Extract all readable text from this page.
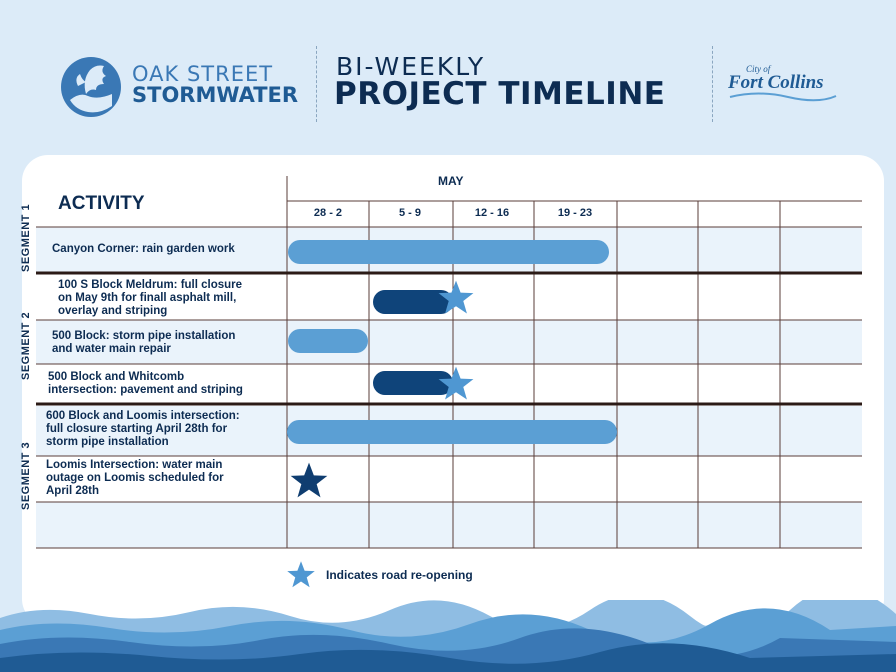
OAK STREET
STORMWATER
BI-WEEKLY
PROJECT TIMELINE
City of
Fort Collins
ACTIVITY
MAY
28 - 2	5 - 9	12 - 16	19 - 23
SEGMENT 1
SEGMENT 2
SEGMENT 3
Canyon Corner: rain garden work
100 S Block Meldrum: full closure
on May 9th for finall asphalt mill,
overlay and striping
500 Block: storm pipe installation
and water main repair
500 Block and Whitcomb
intersection: pavement and striping
600 Block and Loomis intersection:
full closure starting April 28th for
storm pipe installation
Loomis Intersection: water main
outage on Loomis scheduled for
April 28th
Indicates road re-opening
